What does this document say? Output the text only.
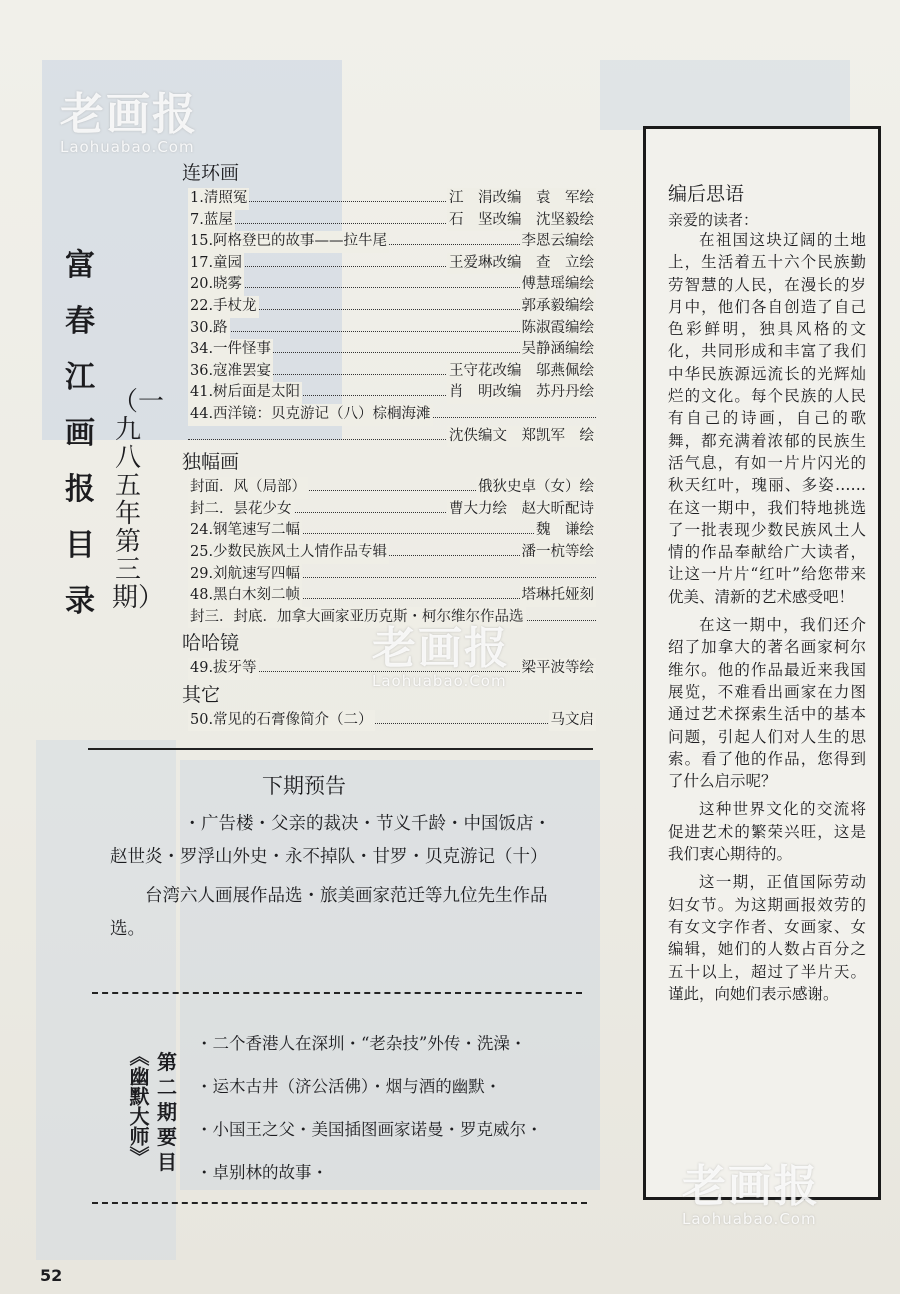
富春江画报目录
（一九八五年第三期）
连环画
1.清照冤	江　涓改编　袁　军绘
7.蓝屋	石　坚改编　沈坚毅绘
15.阿格登巴的故事——拉牛尾	李恩云编绘
17.童园	王爱琳改编　查　立绘
20.晓雾	傅慧瑶编绘
22.手杖龙	郭承毅编绘
30.路	陈淑霞编绘
34.一件怪事	吴静涵编绘
36.寇准罢宴	王守花改编　邬燕佩绘
41.树后面是太阳	肖　明改编　苏丹丹绘
44.西洋镜：贝克游记（八）棕榈海滩
沈佚编文　郑凯军　绘
独幅画
封面．风（局部）	俄狄史卓（女）绘
封二．昙花少女	曹大力绘　赵大昕配诗
24.钢笔速写二幅	魏　谦绘
25.少数民族风土人情作品专辑	潘一杭等绘
29.刘航速写四幅
48.黑白木刻二帧	塔琳托娅刻
封三．封底．加拿大画家亚历克斯・柯尔维尔作品选
哈哈镜
49.拔牙等	梁平波等绘
其它
50.常见的石膏像简介（二）	马文启
下期预告

・广告楼・父亲的裁决・节义千龄・中国饭店・赵世炎・罗浮山外史・永不掉队・甘罗・贝克游记（十）

台湾六人画展作品选・旅美画家范迁等九位先生作品选。

《幽默大师》 第二期要目
・二个香港人在深圳・“老杂技”外传・洗澡・
・运木古井（济公活佛）・烟与酒的幽默・
・小国王之父・美国插图画家诺曼・罗克威尔・
・卓别林的故事・
编后思语
亲爱的读者：

在祖国这块辽阔的土地上，生活着五十六个民族勤劳智慧的人民，在漫长的岁月中，他们各自创造了自己色彩鲜明，独具风格的文化，共同形成和丰富了我们中华民族源远流长的光辉灿烂的文化。每个民族的人民有自己的诗画，自己的歌舞，都充满着浓郁的民族生活气息，有如一片片闪光的秋天红叶，瑰丽、多姿……在这一期中，我们特地挑选了一批表现少数民族风土人情的作品奉献给广大读者，让这一片片“红叶”给您带来优美、清新的艺术感受吧！

在这一期中，我们还介绍了加拿大的著名画家柯尔维尔。他的作品最近来我国展览，不难看出画家在力图通过艺术探索生活中的基本问题，引起人们对人生的思索。看了他的作品，您得到了什么启示呢？

这种世界文化的交流将促进艺术的繁荣兴旺，这是我们衷心期待的。

这一期，正值国际劳动妇女节。为这期画报效劳的有女文字作者、女画家、女编辑，她们的人数占百分之五十以上，超过了半片天。谨此，向她们表示感谢。

老画报
Laohuabao.Com
老画报
Laohuabao.Com
老画报
Laohuabao.Com
52
